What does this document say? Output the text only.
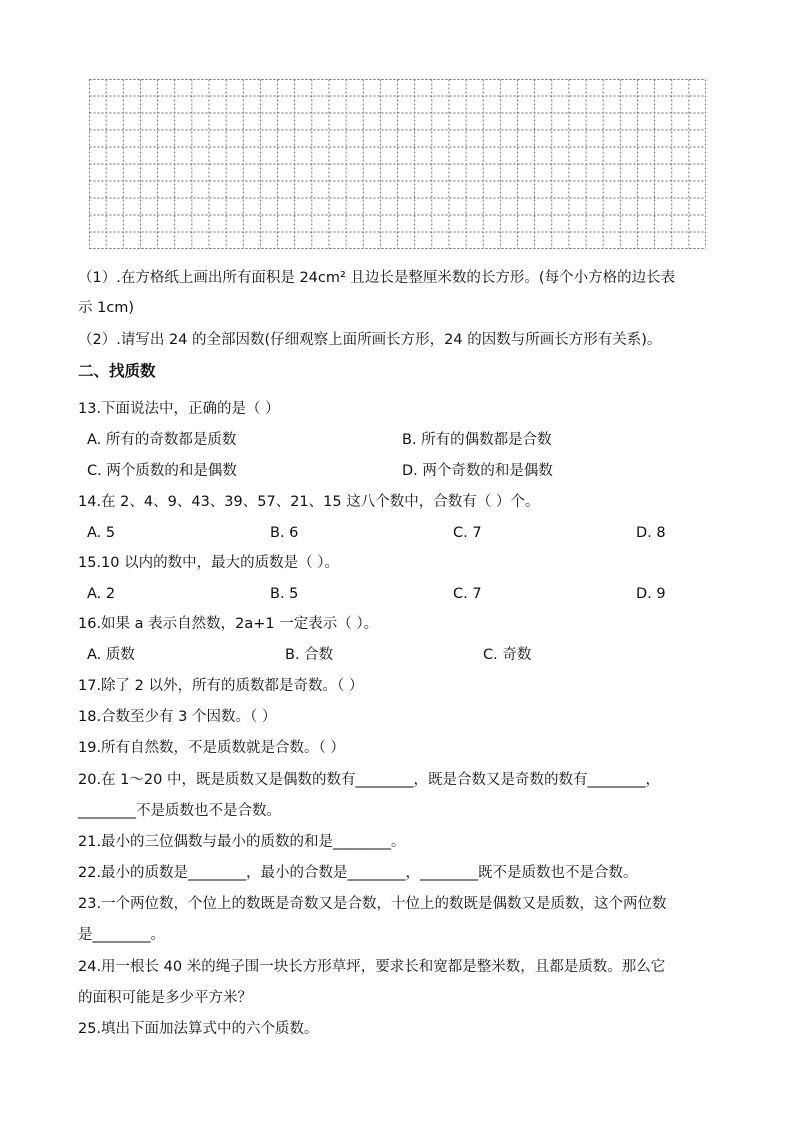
（1）.在方格纸上画出所有面积是 24cm² 且边长是整厘米数的长方形。(每个小方格的边长表
示 1cm)
（2）.请写出 24 的全部因数(仔细观察上面所画长方形，24 的因数与所画长方形有关系)。
二、找质数
13.下面说法中，正确的是（ ）
A. 所有的奇数都是质数	B. 所有的偶数都是合数
C. 两个质数的和是偶数	D. 两个奇数的和是偶数
14.在 2、4、9、43、39、57、21、15 这八个数中，合数有（ ）个。
A. 5	B. 6	C. 7	D. 8
15.10 以内的数中，最大的质数是（ ）。
A. 2	B. 5	C. 7	D. 9
16.如果 a 表示自然数，2a+1 一定表示（ ）。
A. 质数	B. 合数	C. 奇数
17.除了 2 以外，所有的质数都是奇数。（ ）
18.合数至少有 3 个因数。（ ）
19.所有自然数，不是质数就是合数。（ ）
20.在 1～20 中，既是质数又是偶数的数有________，既是合数又是奇数的数有________，
________不是质数也不是合数。
21.最小的三位偶数与最小的质数的和是________。
22.最小的质数是________，最小的合数是________，________既不是质数也不是合数。
23.一个两位数，个位上的数既是奇数又是合数，十位上的数既是偶数又是质数，这个两位数
是________。
24.用一根长 40 米的绳子围一块长方形草坪，要求长和宽都是整米数，且都是质数。那么它
的面积可能是多少平方米？
25.填出下面加法算式中的六个质数。
